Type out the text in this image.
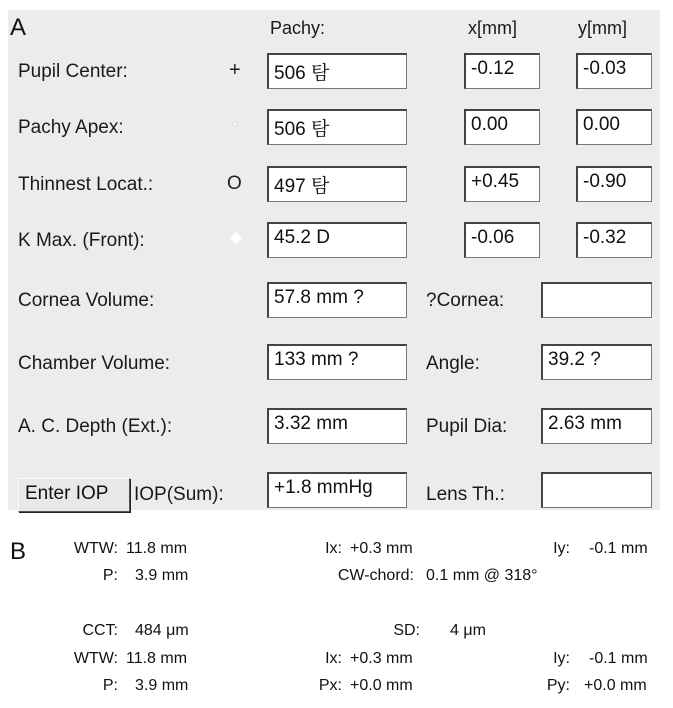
A	Pachy:	x[mm]	y[mm]
Pupil Center:	+	506 탐	-0.12	-0.03
Pachy Apex:	•	506 탐	0.00	0.00
Thinnest Locat.:	O	497 탐	+0.45	-0.90
K Max. (Front):	◆	45.2 D	-0.06	-0.32
Cornea Volume:	57.8 mm ?	?Cornea:
Chamber Volume:	133 mm ?	Angle:	39.2 ?
A. C. Depth (Ext.):	3.32 mm	Pupil Dia:	2.63 mm
Enter IOP	IOP(Sum):	+1.8 mmHg	Lens Th.:
B	WTW: 11.8 mm	Ix: +0.3 mm	Iy: -0.1 mm
P: 3.9 mm	CW-chord: 0.1 mm @ 318°
CCT: 484 μm	SD: 4 μm
WTW: 11.8 mm	Ix: +0.3 mm	Iy: -0.1 mm
P: 3.9 mm	Px: +0.0 mm	Py: +0.0 mm
